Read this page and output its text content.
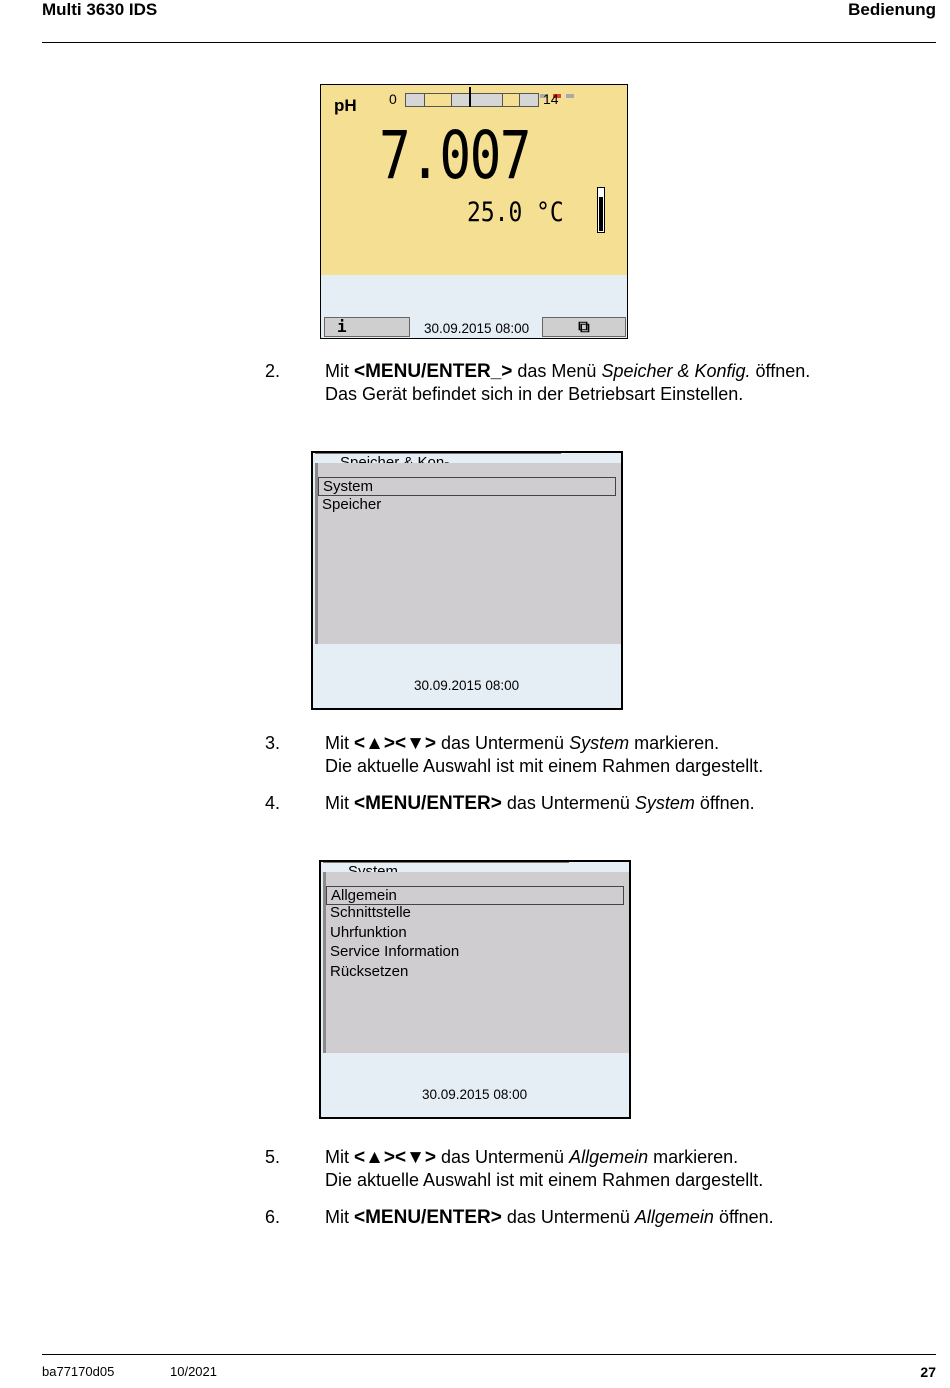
Multi 3630 IDS	Bedienung
pH 0	14
7.007
25.0 °C
i	30.09.2015 08:00	⧉
2. Mit <MENU/ENTER_> das Menü Speicher & Konfig. öffnen.
Das Gerät befindet sich in der Betriebsart Einstellen.
System
Speicher
30.09.2015 08:00
3. Mit <▲><▼> das Untermenü System markieren.
Die aktuelle Auswahl ist mit einem Rahmen dargestellt.
4. Mit <MENU/ENTER> das Untermenü System öffnen.
Allgemein
Schnittstelle
Uhrfunktion
Service Information
Rücksetzen
30.09.2015 08:00
5. Mit <▲><▼> das Untermenü Allgemein markieren.
Die aktuelle Auswahl ist mit einem Rahmen dargestellt.
6. Mit <MENU/ENTER> das Untermenü Allgemein öffnen.
ba77170d05	10/2021	27
